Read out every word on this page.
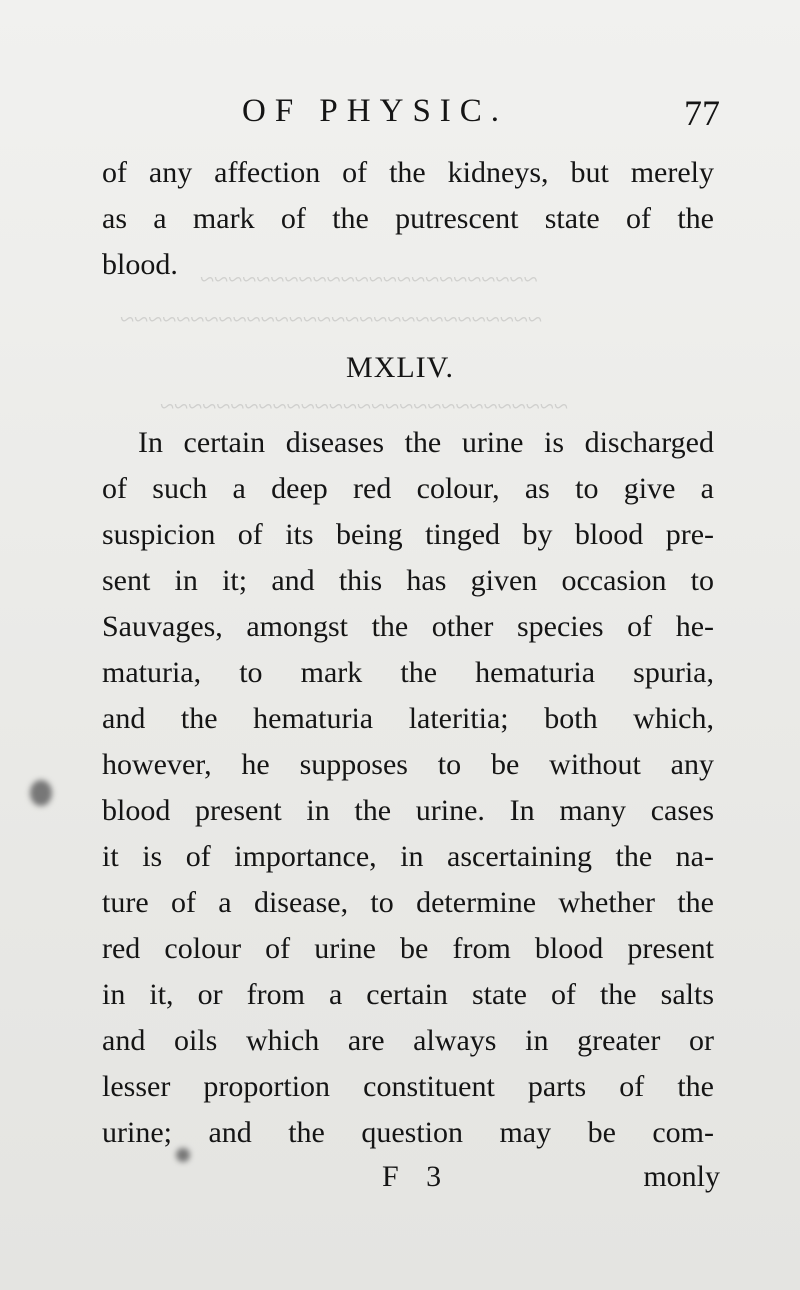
~~~~~~~~~~~~~~~~~~~~~~~~
~~~~~~~~~~~~~~~~~~~~~~~~~~~~~~
~~~~~~~~~~~~~~~~~~~~~~~~~~~~~
OF PHYSIC.	77
of any affection of the kidneys, but merely
as a mark of the putrescent state of the
blood.
MXLIV.
In certain diseases the urine is discharged
of such a deep red colour, as to give a
suspicion of its being tinged by blood pre-
sent in it; and this has given occasion to
Sauvages, amongst the other species of he-
maturia, to mark the hematuria spuria,
and the hematuria lateritia; both which,
however, he supposes to be without any
blood present in the urine. In many cases
it is of importance, in ascertaining the na-
ture of a disease, to determine whether the
red colour of urine be from blood present
in it, or from a certain state of the salts
and oils which are always in greater or
lesser proportion constituent parts of the
urine; and the question may be com-
F 3	monly
